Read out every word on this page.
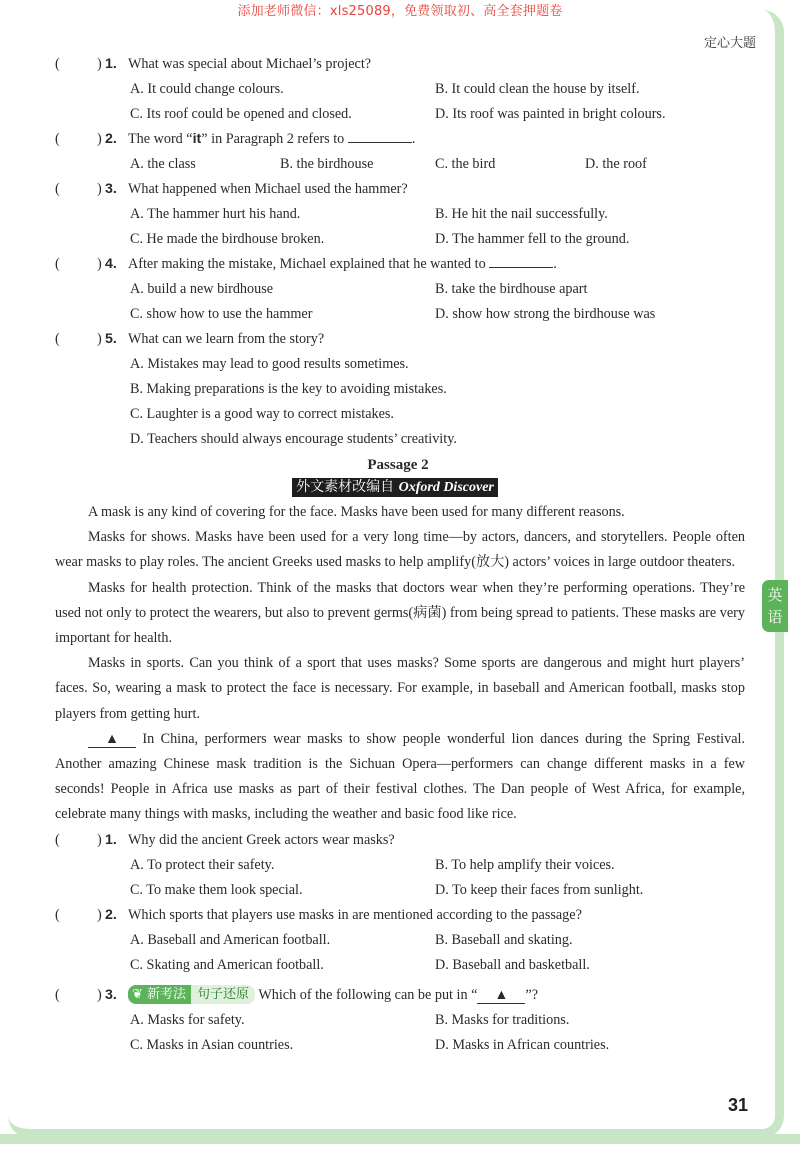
添加老师微信：xls25089，免费领取初、高全套押题卷
定心大题
英
语
(	) 1. What was special about Michael’s project?
A. It could change colours.	B. It could clean the house by itself.
C. Its roof could be opened and closed.	D. Its roof was painted in bright colours.
(	) 2. The word “it” in Paragraph 2 refers to	.
A. the class	B. the birdhouse	C. the bird	D. the roof
(	) 3. What happened when Michael used the hammer?
A. The hammer hurt his hand.	B. He hit the nail successfully.
C. He made the birdhouse broken.	D. The hammer fell to the ground.
(	) 4. After making the mistake, Michael explained that he wanted to	.
A. build a new birdhouse	B. take the birdhouse apart
C. show how to use the hammer	D. show how strong the birdhouse was
(	) 5. What can we learn from the story?
A. Mistakes may lead to good results sometimes.
B. Making preparations is the key to avoiding mistakes.
C. Laughter is a good way to correct mistakes.
D. Teachers should always encourage students’ creativity.
Passage 2
外文素材改编自 Oxford Discover

A mask is any kind of covering for the face. Masks have been used for many different reasons.

Masks for shows. Masks have been used for a very long time—by actors, dancers, and storytellers. People often wear masks to play roles. The ancient Greeks used masks to help amplify(放大) actors’ voices in large outdoor theaters.

Masks for health protection. Think of the masks that doctors wear when they’re performing operations. They’re used not only to protect the wearers, but also to prevent germs(病菌) from being spread to patients. These masks are very important for health.

Masks in sports. Can you think of a sport that uses masks? Some sports are dangerous and might hurt players’ faces. So, wearing a mask to protect the face is necessary. For example, in baseball and American football, masks stop players from getting hurt.

▲ In China, performers wear masks to show people wonderful lion dances during the Spring Festival. Another amazing Chinese mask tradition is the Sichuan Opera—performers can change different masks in a few seconds! People in Africa use masks as part of their festival clothes. The Dan people of West Africa, for example, celebrate many things with masks, including the weather and basic food like rice.

(	) 1. Why did the ancient Greek actors wear masks?
A. To protect their safety.	B. To help amplify their voices.
C. To make them look special.	D. To keep their faces from sunlight.
(	) 2. Which sports that players use masks in are mentioned according to the passage?
A. Baseball and American football.	B. Baseball and skating.
C. Skating and American football.	D. Baseball and basketball.
(	) 3.	❦ 新考法 句子还原 Which of the following can be put in “ ▲ ”?
A. Masks for safety.	B. Masks for traditions.
C. Masks in Asian countries.	D. Masks in African countries.
31
